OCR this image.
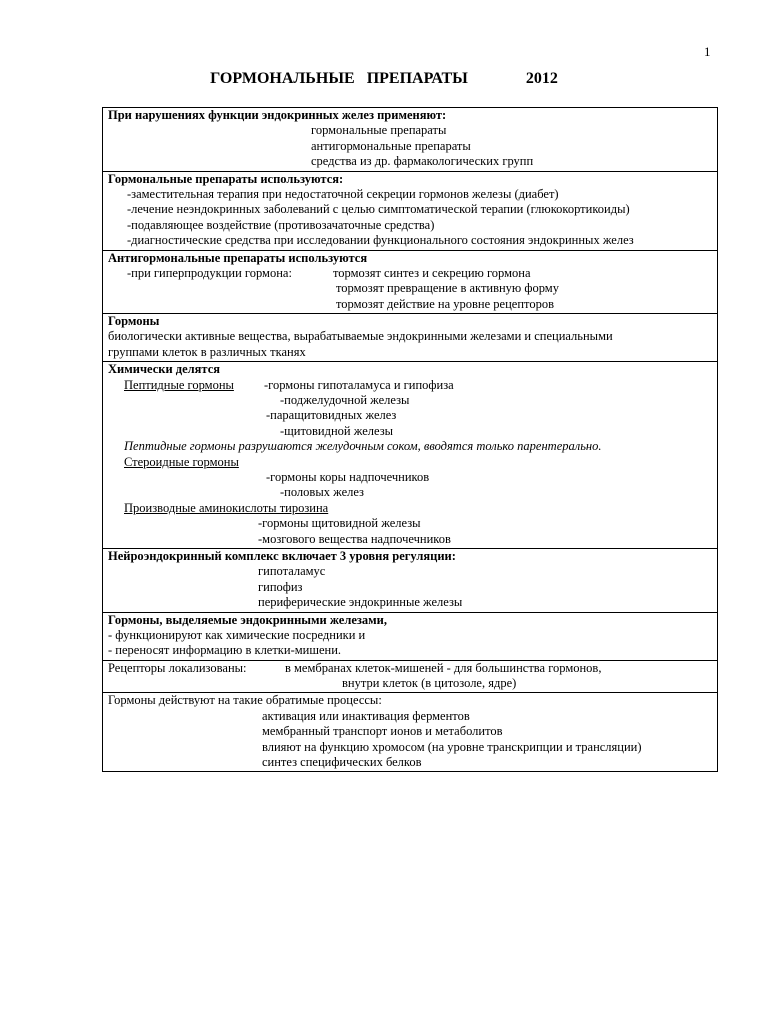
1
ГОРМОНАЛЬНЫЕ   ПРЕПАРАТЫ	2012
При нарушениях функции эндокринных желез применяют:
гормональные препараты
антигормональные препараты
средства из др. фармакологических групп
Гормональные препараты используются:
-заместительная терапия при недостаточной секреции гормонов железы (диабет)
-лечение неэндокринных заболеваний с целью симптоматической терапии (глюкокортикоиды)
-подавляющее воздействие (противозачаточные средства)
-диагностические средства при исследовании функционального состояния эндокринных желез
Антигормональные препараты используются
-при гиперпродукции гормона:	тормозят синтез и секрецию гормона
тормозят превращение в активную форму
тормозят действие на уровне рецепторов
Гормоны
биологически активные вещества, вырабатываемые эндокринными железами и специальными
группами клеток в различных тканях
Химически делятся
Пептидные гормоны -гормоны гипоталамуса и гипофиза
-поджелудочной железы
-паращитовидных желез
-щитовидной железы
Пептидные гормоны разрушаются желудочным соком, вводятся только парентерально.
Стероидные гормоны
-гормоны коры надпочечников
-половых желез
Производные аминокислоты тирозина
-гормоны щитовидной железы
-мозгового вещества надпочечников
Нейроэндокринный комплекс включает 3 уровня регуляции:
гипоталамус
гипофиз
периферические эндокринные железы
Гормоны, выделяемые эндокринными железами,
- функционируют как химические посредники и
- переносят информацию в клетки-мишени.
Рецепторы локализованы:	в мембранах клеток-мишеней - для большинства гормонов,
внутри клеток (в цитозоле, ядре)
Гормоны действуют на такие обратимые процессы:
активация или инактивация ферментов
мембранный транспорт ионов и метаболитов
влияют на функцию хромосом (на уровне транскрипции и трансляции)
синтез специфических белков
